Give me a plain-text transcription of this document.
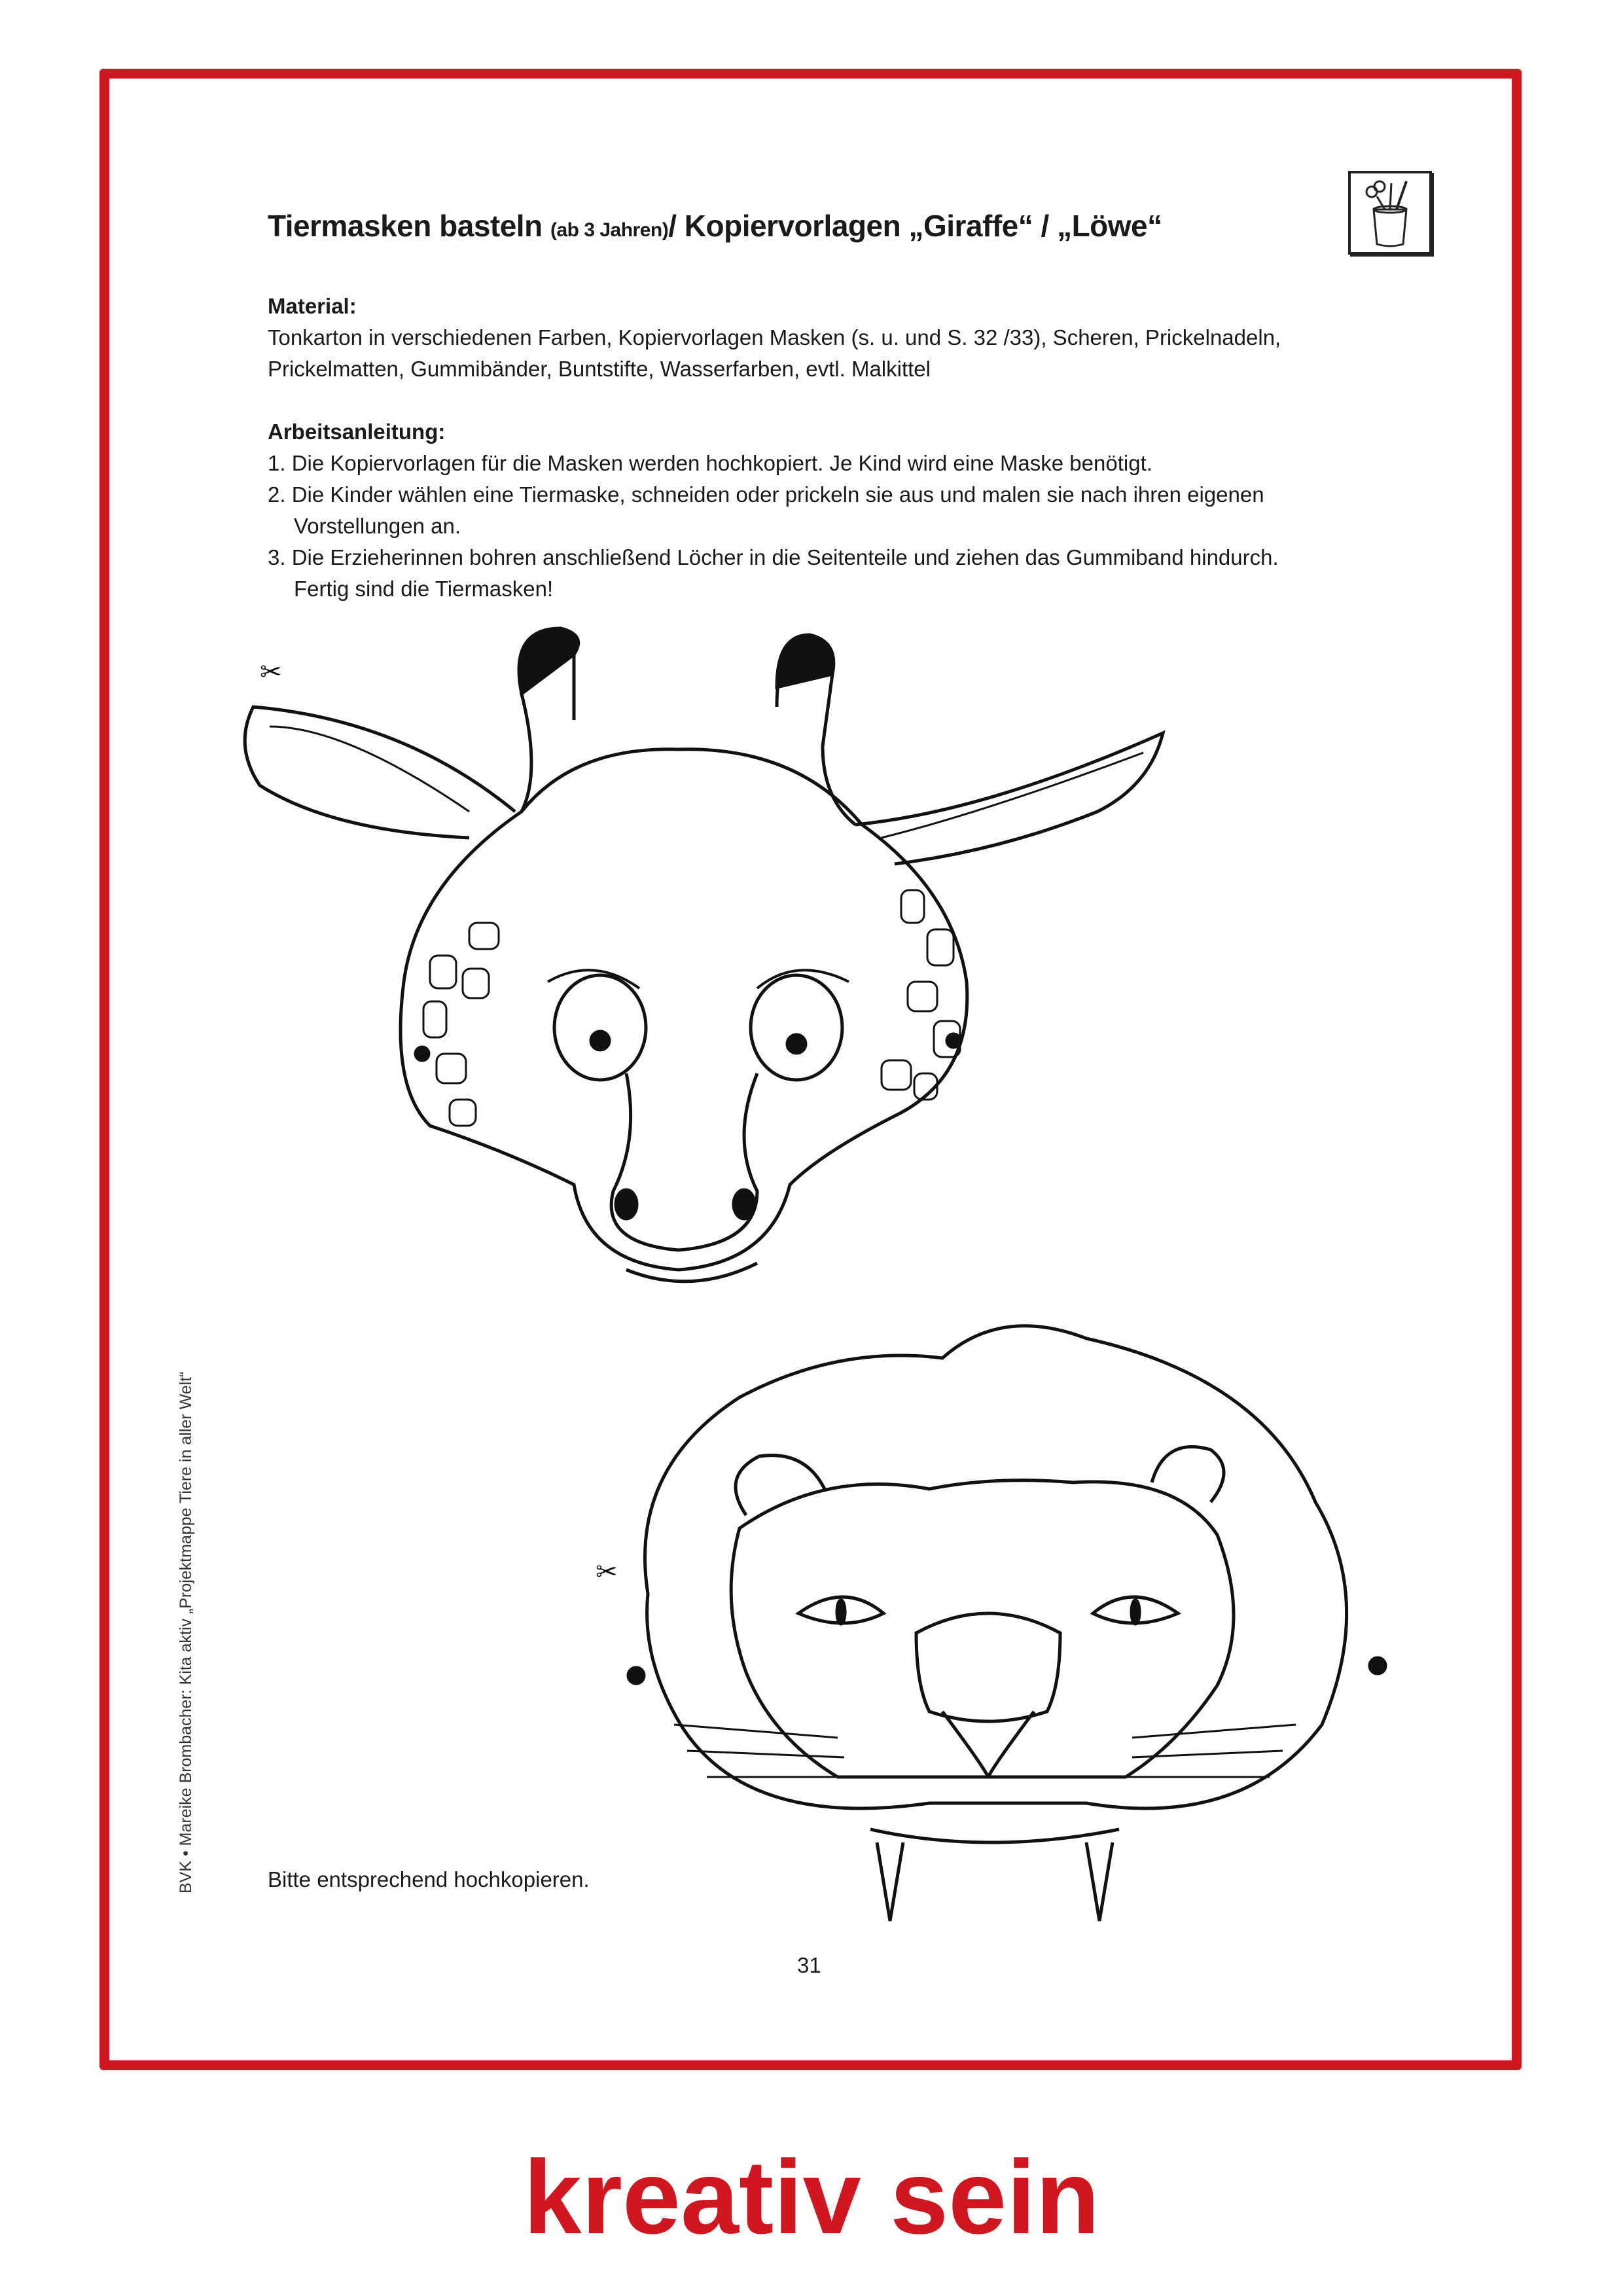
Tiermasken basteln (ab 3 Jahren)/ Kopiervorlagen „Giraffe“ / „Löwe“
Material:
Tonkarton in verschiedenen Farben, Kopiervorlagen Masken (s. u. und S. 32 /33), Scheren, Prickelnadeln,
Prickelmatten, Gummibänder, Buntstifte, Wasserfarben, evtl. Malkittel
Arbeitsanleitung:
1. Die Kopiervorlagen für die Masken werden hochkopiert. Je Kind wird eine Maske benötigt.
2. Die Kinder wählen eine Tiermaske, schneiden oder prickeln sie aus und malen sie nach ihren eigenen
Vorstellungen an.
3. Die Erzieherinnen bohren anschließend Löcher in die Seitenteile und ziehen das Gummiband hindurch.
Fertig sind die Tiermasken!
✂
✂
Bitte entsprechend hochkopieren.
BVK • Mareike Brombacher: Kita aktiv „Projektmappe Tiere in aller Welt“
31
kreativ sein
